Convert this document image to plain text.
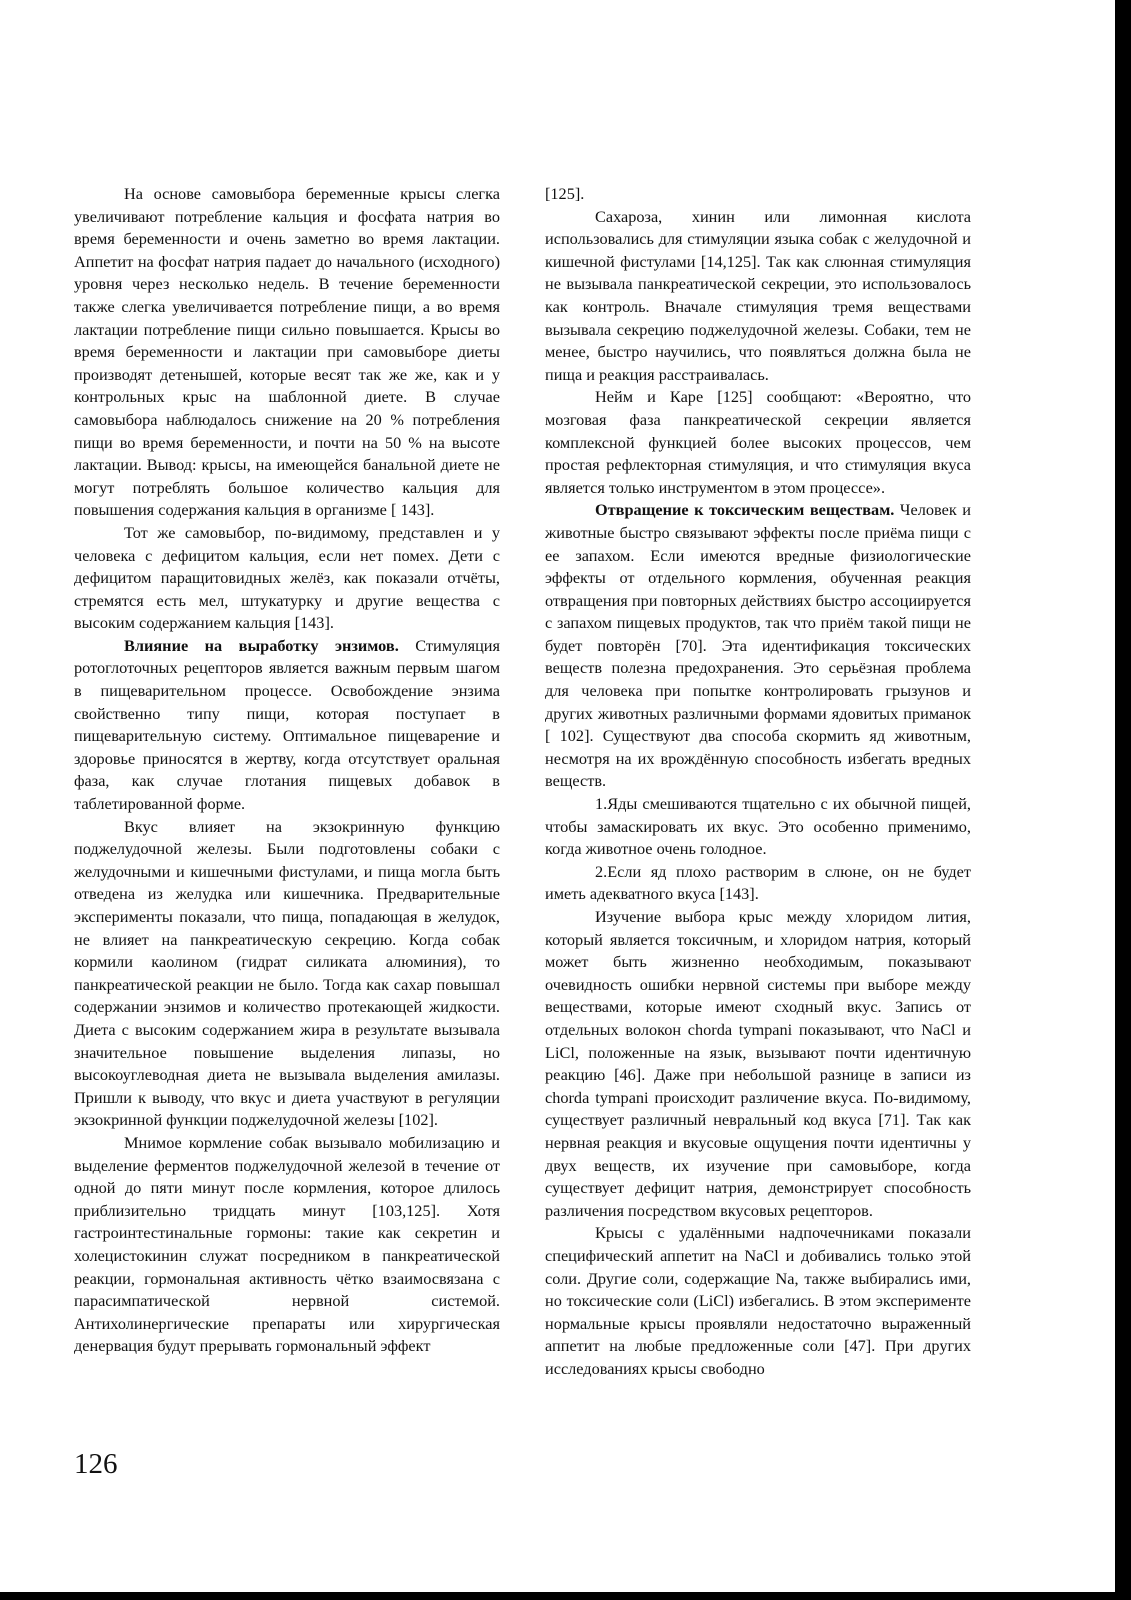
На основе самовыбора беременные крысы слегка увеличивают потребление кальция и фосфата натрия во время беременности и очень заметно во время лактации. Аппетит на фосфат натрия падает до начального (исходного) уровня через несколько недель. В течение беременности также слегка увеличивается потребление пищи, а во время лактации потребление пищи сильно повышается. Крысы во время беременности и лактации при самовыборе диеты производят детенышей, которые весят так же же, как и у контрольных крыс на шаблонной диете. В случае самовыбора наблюдалось снижение на 20 % потребления пищи во время беременности, и почти на 50 % на высоте лактации. Вывод: крысы, на имеющейся банальной диете не могут потреблять большое количество кальция для повышения содержания кальция в организме [ 143].

Тот же самовыбор, по-видимому, представлен и у человека с дефицитом кальция, если нет помех. Дети с дефицитом паращитовидных желёз, как показали отчёты, стремятся есть мел, штукатурку и другие вещества с высоким содержанием кальция [143].

Влияние на выработку энзимов. Стимуляция ротоглоточных рецепторов является важным первым шагом в пищеварительном процессе. Освобождение энзима свойственно типу пищи, которая поступает в пищеварительную систему. Оптимальное пищеварение и здоровье приносятся в жертву, когда отсутствует оральная фаза, как случае глотания пищевых добавок в таблетированной форме.

Вкус влияет на экзокринную функцию поджелудочной железы. Были подготовлены собаки с желудочными и кишечными фистулами, и пища могла быть отведена из желудка или кишечника. Предварительные эксперименты показали, что пища, попадающая в желудок, не влияет на панкреатическую секрецию. Когда собак кормили каолином (гидрат силиката алюминия), то панкреатической реакции не было. Тогда как сахар повышал содержании энзимов и количество протекающей жидкости. Диета с высоким содержанием жира в результате вызывала значительное повышение выделения липазы, но высокоуглеводная диета не вызывала выделения амилазы. Пришли к выводу, что вкус и диета участвуют в регуляции экзокринной функции поджелудочной железы [102].

Мнимое кормление собак вызывало мобилизацию и выделение ферментов поджелудочной железой в течение от одной до пяти минут после кормления, которое длилось приблизительно тридцать минут [103,125]. Хотя гастроинтестинальные гормоны: такие как секретин и холецистокинин служат посредником в панкреатической реакции, гормональная активность чётко взаимосвязана с парасимпатической нервной системой. Антихолинергические препараты или хирургическая денервация будут прерывать гормональный эффект

[125].

Сахароза, хинин или лимонная кислота использовались для стимуляции языка собак с желудочной и кишечной фистулами [14,125]. Так как слюнная стимуляция не вызывала панкреатической секреции, это использовалось как контроль. Вначале стимуляция тремя веществами вызывала секрецию поджелудочной железы. Собаки, тем не менее, быстро научились, что появляться должна была не пища и реакция расстраивалась.

Нейм и Каре [125] сообщают: «Вероятно, что мозговая фаза панкреатической секреции является комплексной функцией более высоких процессов, чем простая рефлекторная стимуляция, и что стимуляция вкуса является только инструментом в этом процессе».

Отвращение к токсическим веществам. Человек и животные быстро связывают эффекты после приёма пищи с ее запахом. Если имеются вредные физиологические эффекты от отдельного кормления, обученная реакция отвращения при повторных действиях быстро ассоциируется с запахом пищевых продуктов, так что приём такой пищи не будет повторён [70]. Эта идентификация токсических веществ полезна предохранения. Это серьёзная проблема для человека при попытке контролировать грызунов и других животных различными формами ядовитых приманок [ 102]. Существуют два способа скормить яд животным, несмотря на их врождённую способность избегать вредных веществ.

1.Яды смешиваются тщательно с их обычной пищей, чтобы замаскировать их вкус. Это особенно применимо, когда животное очень голодное.

2.Если яд плохо растворим в слюне, он не будет иметь адекватного вкуса [143].

Изучение выбора крыс между хлоридом лития, который является токсичным, и хлоридом натрия, который может быть жизненно необходимым, показывают очевидность ошибки нервной системы при выборе между веществами, которые имеют сходный вкус. Запись от отдельных волокон chorda tympani показывают, что NaCl и LiCl, положенные на язык, вызывают почти идентичную реакцию [46]. Даже при небольшой разнице в записи из chorda tympani происходит различение вкуса. По-видимому, существует различный невральный код вкуса [71]. Так как нервная реакция и вкусовые ощущения почти идентичны у двух веществ, их изучение при самовыборе, когда существует дефицит натрия, демонстрирует способность различения посредством вкусовых рецепторов.

Крысы с удалёнными надпочечниками показали специфический аппетит на NaCl и добивались только этой соли. Другие соли, содержащие Na, также выбирались ими, но токсические соли (LiCl) избегались. В этом эксперименте нормальные крысы проявляли недостаточно выраженный аппетит на любые предложенные соли [47]. При других исследованиях крысы свободно

126
